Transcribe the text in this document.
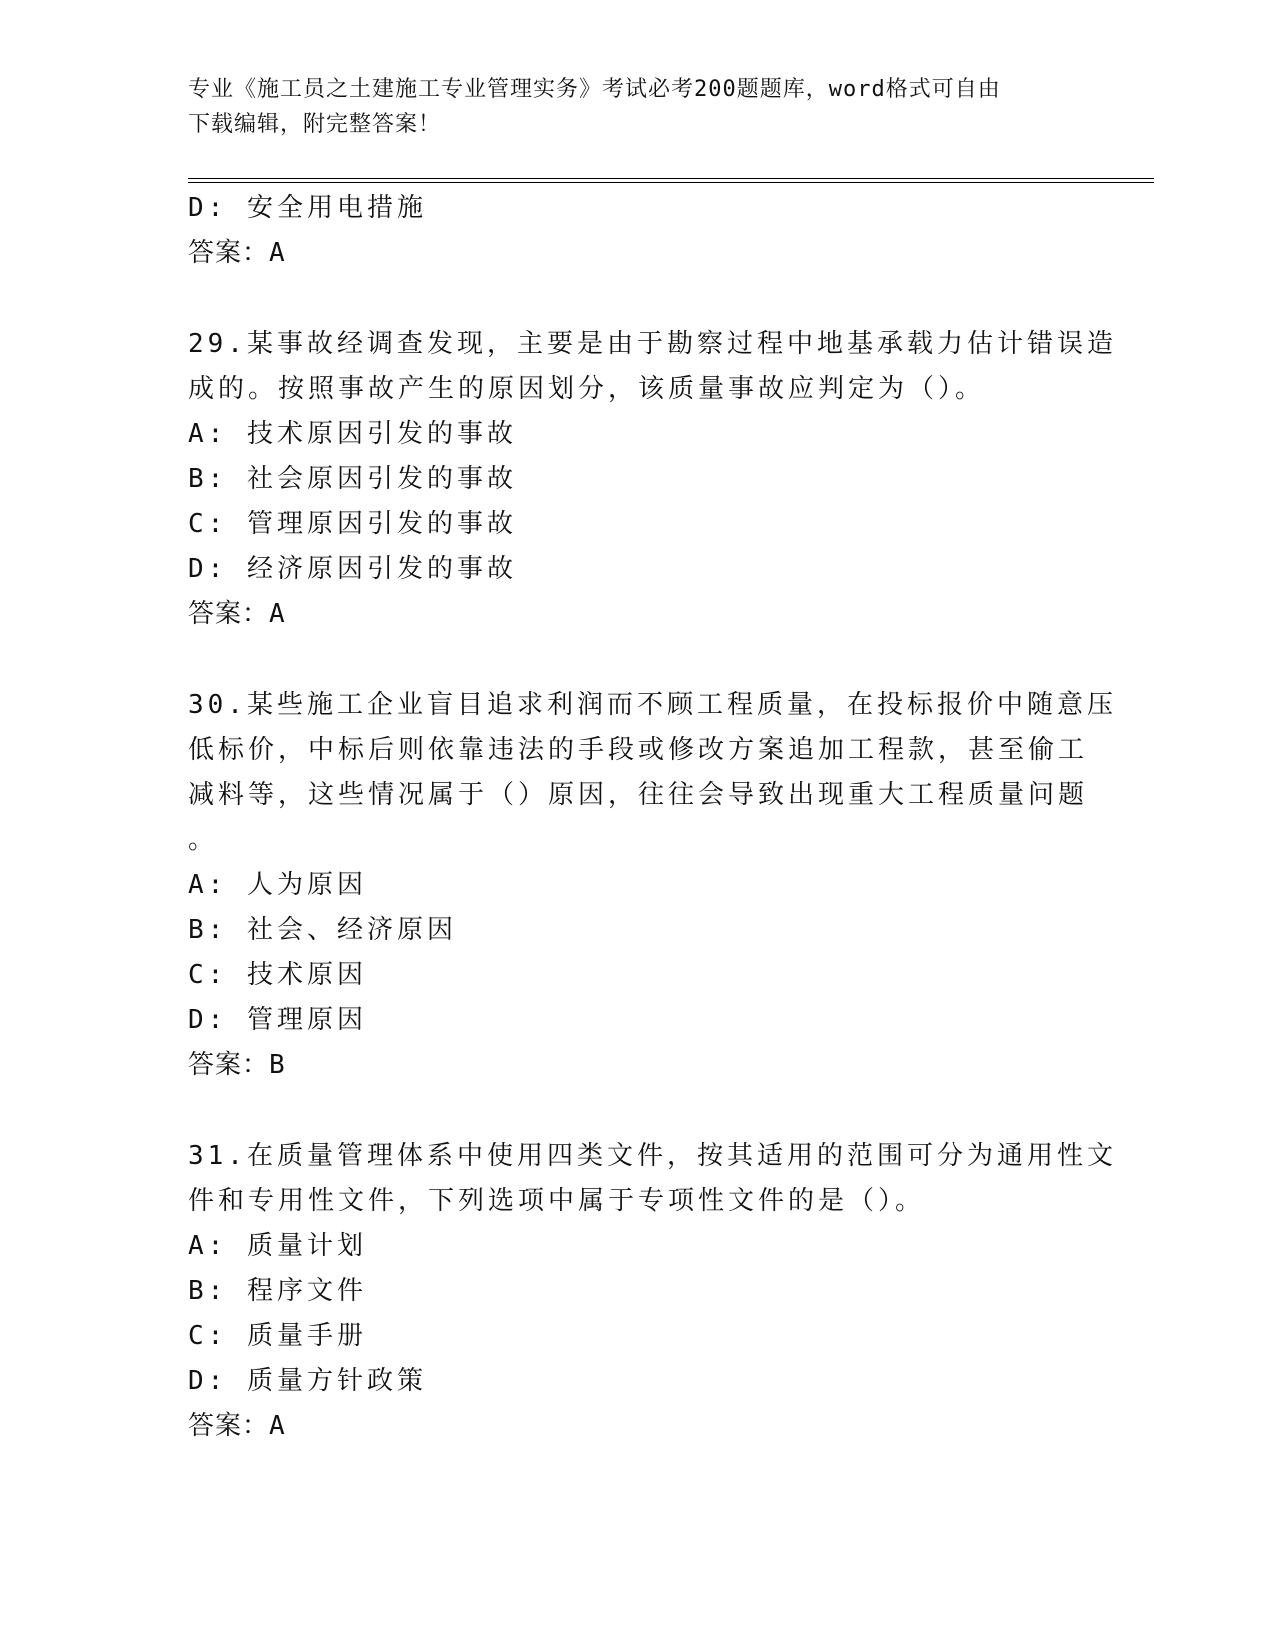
专业《施工员之土建施工专业管理实务》考试必考200题题库，word格式可自由
下载编辑，附完整答案！
D: 安全用电措施
答案：A
29.某事故经调查发现，主要是由于勘察过程中地基承载力估计错误造
成的。按照事故产生的原因划分，该质量事故应判定为（）。
A: 技术原因引发的事故
B: 社会原因引发的事故
C: 管理原因引发的事故
D: 经济原因引发的事故
答案：A
30.某些施工企业盲目追求利润而不顾工程质量，在投标报价中随意压
低标价，中标后则依靠违法的手段或修改方案追加工程款，甚至偷工
减料等，这些情况属于（）原因，往往会导致出现重大工程质量问题
。
A: 人为原因
B: 社会、经济原因
C: 技术原因
D: 管理原因
答案：B
31.在质量管理体系中使用四类文件，按其适用的范围可分为通用性文
件和专用性文件，下列选项中属于专项性文件的是（）。
A: 质量计划
B: 程序文件
C: 质量手册
D: 质量方针政策
答案：A
